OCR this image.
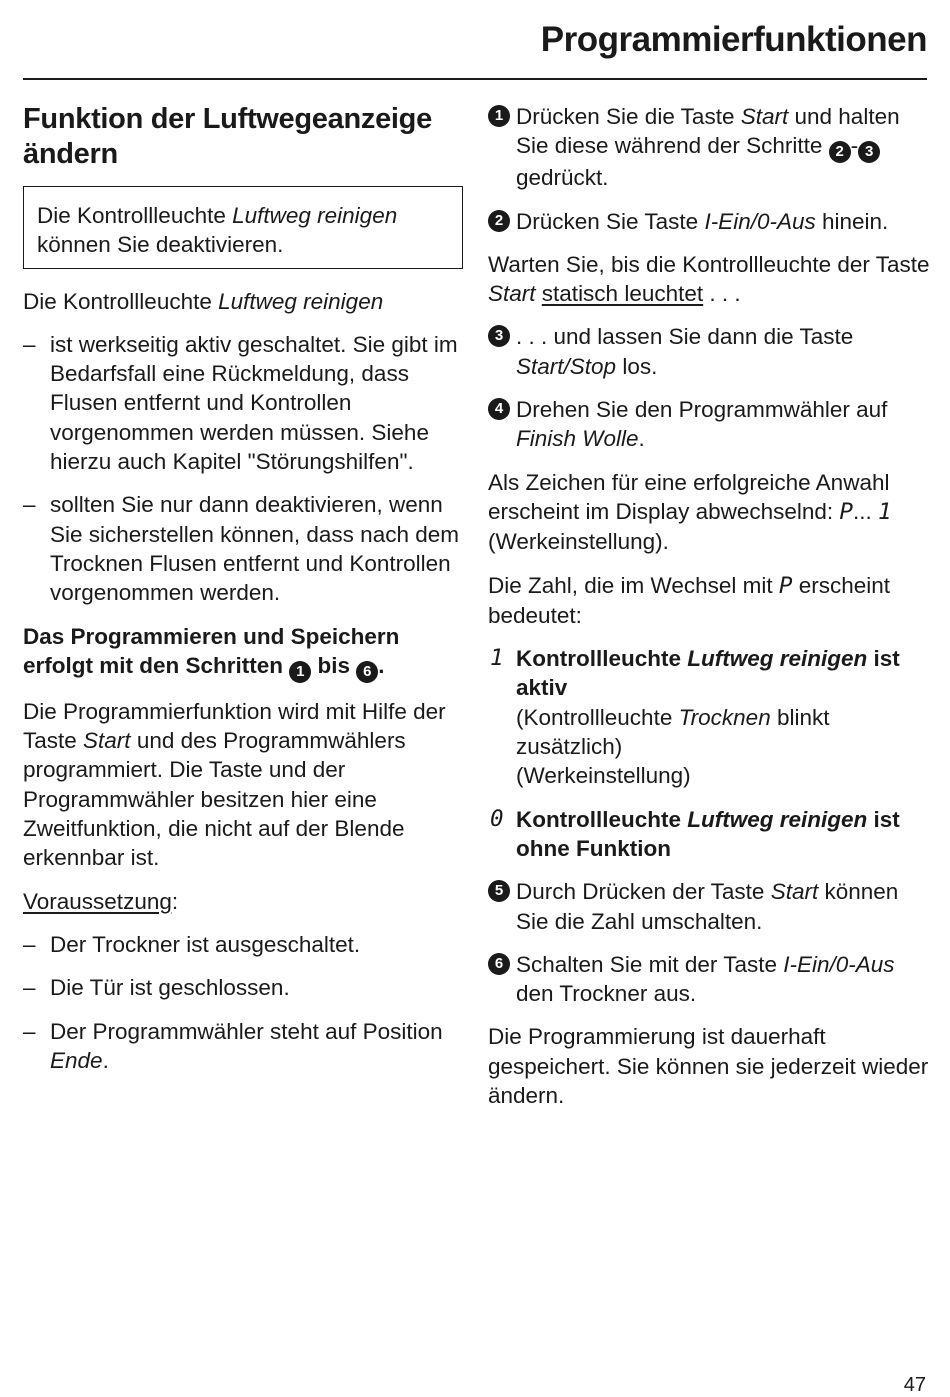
Programmierfunktionen
Funktion der Luftwegeanzeige ändern

Die Kontrollleuchte Luftweg reinigen können Sie deaktivieren.

Die Kontrollleuchte Luftweg reinigen

– ist werkseitig aktiv geschaltet. Sie gibt im Bedarfsfall eine Rückmeldung, dass Flusen entfernt und Kontrollen vorgenommen werden müssen. Siehe hierzu auch Kapitel "Störungshilfen".
– sollten Sie nur dann deaktivieren, wenn Sie sicherstellen können, dass nach dem Trocknen Flusen entfernt und Kontrollen vorgenommen werden.

Das Programmieren und Speichern erfolgt mit den Schritten 1 bis 6 .

Die Programmierfunktion wird mit Hilfe der Taste Start und des Programmwählers programmiert. Die Taste und der Programmwähler besitzen hier eine Zweitfunktion, die nicht auf der Blende erkennbar ist.

Voraussetzung:

– Der Trockner ist ausgeschaltet.
– Die Tür ist geschlossen.
– Der Programmwähler steht auf Position Ende.
1 Drücken Sie die Taste Start und halten Sie diese während der Schritte 2 - 3 gedrückt.
2 Drücken Sie Taste I-Ein/0-Aus hinein.

Warten Sie, bis die Kontrollleuchte der Taste Start statisch leuchtet . . .

3 . . . und lassen Sie dann die Taste Start/Stop los.
4 Drehen Sie den Programmwähler auf Finish Wolle.

Als Zeichen für eine erfolgreiche Anwahl erscheint im Display abwechselnd: P... 1 (Werkeinstellung).

Die Zahl, die im Wechsel mit P erscheint bedeutet:

1 Kontrollleuchte Luftweg reinigen ist aktiv
(Kontrollleuchte Trocknen blinkt zusätzlich)
(Werkeinstellung)
0 Kontrollleuchte Luftweg reinigen ist ohne Funktion
5 Durch Drücken der Taste Start können Sie die Zahl umschalten.
6 Schalten Sie mit der Taste I-Ein/0-Aus den Trockner aus.

Die Programmierung ist dauerhaft gespeichert. Sie können sie jederzeit wieder ändern.

47
